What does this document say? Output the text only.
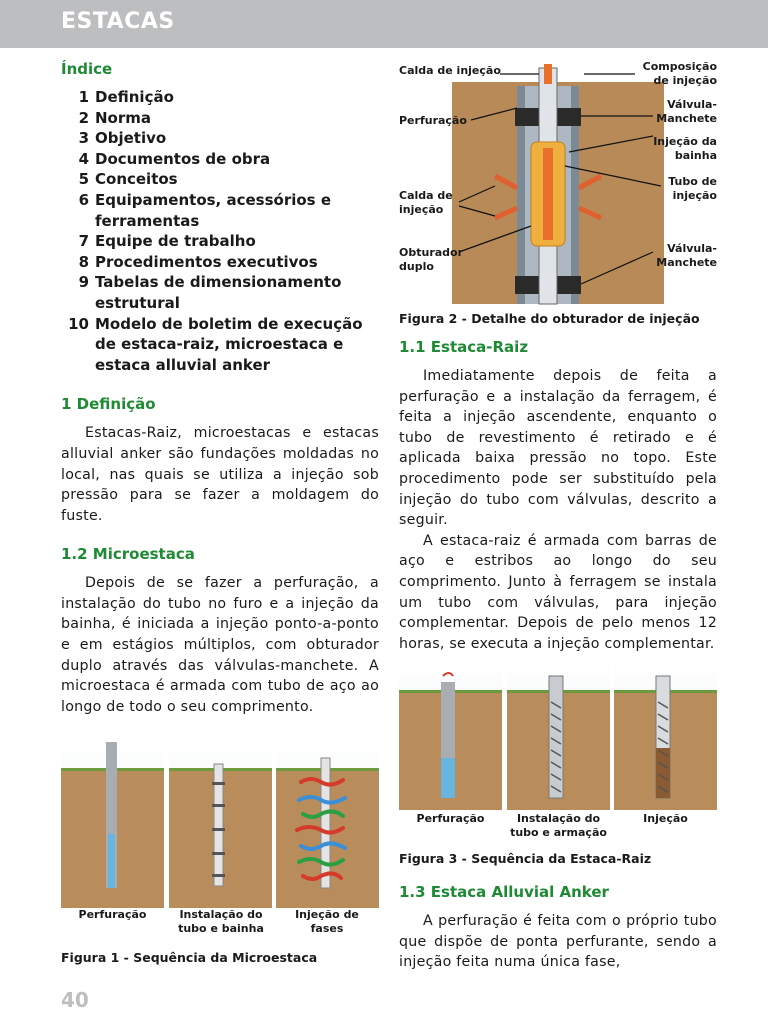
ESTACAS
Índice
1 Definição
2 Norma
3 Objetivo
4 Documentos de obra
5 Conceitos
6 Equipamentos, acessórios e ferramentas
7 Equipe de trabalho
8 Procedimentos executivos
9 Tabelas de dimensionamento estrutural
10 Modelo de boletim de execução de estaca-raiz, microestaca e estaca alluvial anker
1 Definição

Estacas-Raiz, microestacas e estacas alluvial anker são fundações moldadas no local, nas quais se utiliza a injeção sob pressão para se fazer a moldagem do fuste.

1.2 Microestaca

Depois de se fazer a perfuração, a instalação do tubo no furo e a injeção da bainha, é iniciada a injeção ponto-a-ponto e em estágios múltiplos, com obturador duplo através das válvulas-manchete. A microestaca é armada com tubo de aço ao longo de todo o seu comprimento.

Perfuração	Instalação do tubo e bainha
Injeção de fases
Figura 1 - Sequência da Microestaca
Calda de injeção
Perfuração
Calda de injeção
Obturador duplo
Composição de injeção
Válvula-Manchete
Injeção da bainha
Tubo de injeção
Válvula-Manchete
Figura 2 - Detalhe do obturador de injeção
1.1 Estaca-Raiz

Imediatamente depois de feita a perfuração e a instalação da ferragem, é feita a injeção ascendente, enquanto o tubo de revestimento é retirado e é aplicada baixa pressão no topo. Este procedimento pode ser substituído pela injeção do tubo com válvulas, descrito a seguir.

A estaca-raiz é armada com barras de aço e estribos ao longo do seu comprimento. Junto à ferragem se instala um tubo com válvulas, para injeção complementar. Depois de pelo menos 12 horas, se executa a injeção complementar.

Perfuração	Instalação do tubo e armação
Injeção
Figura 3 - Sequência da Estaca-Raiz
1.3 Estaca Alluvial Anker

A perfuração é feita com o próprio tubo que dispõe de ponta perfurante, sendo a injeção feita numa única fase,

40
